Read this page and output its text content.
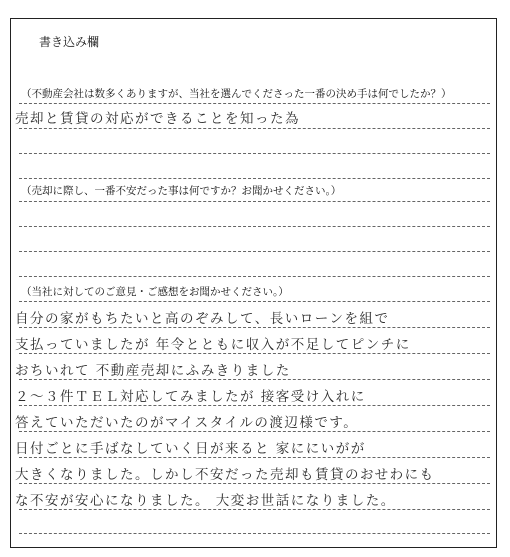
書き込み欄
（不動産会社は数多くありますが、当社を選んでくださった一番の決め手は何でしたか？）
売却と賃貸の対応ができることを知った為
（売却に際し、一番不安だった事は何ですか？お聞かせください。）
（当社に対してのご意見・ご感想をお聞かせください。）
自分の家がもちたいと高のぞみして、長いローンを組で
支払っていましたが 年令とともに収入が不足してピンチに
おちいれて 不動産売却にふみきりました
２～３件ＴＥＬ対応してみましたが 接客受け入れに
答えていただいたのがマイスタイルの渡辺様です。
日付ごとに手ばなしていく日が来ると 家ににいがが
大きくなりました。しかし不安だった売却も賃貸のおせわにも
な不安が安心になりました。 大変お世話になりました。
